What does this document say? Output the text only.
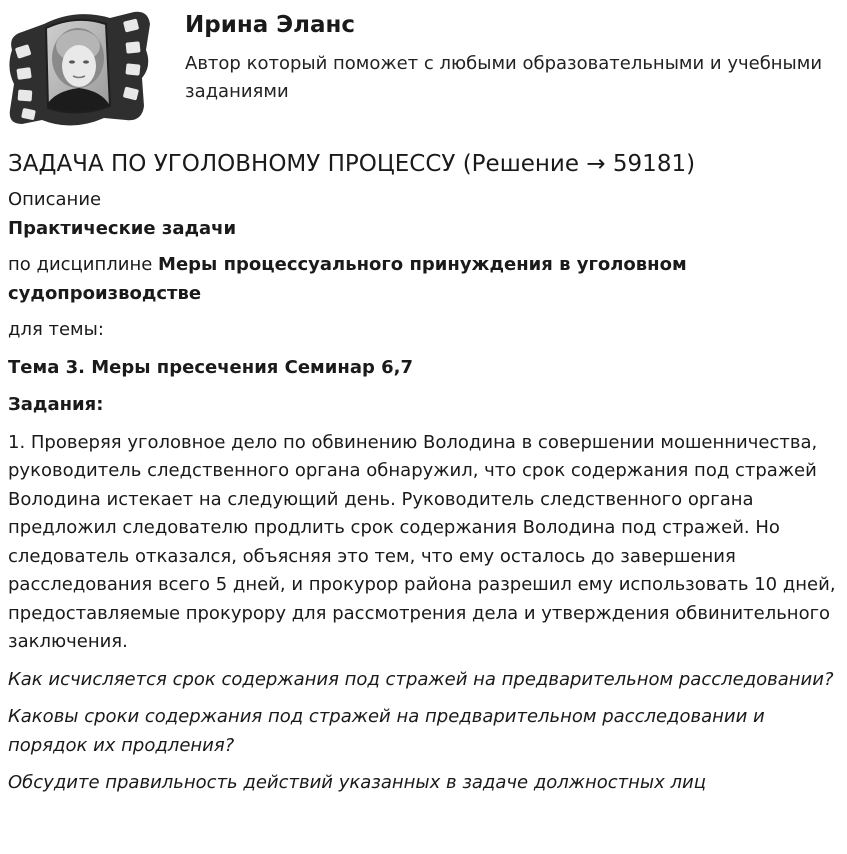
Ирина Эланс
Автор который поможет с любыми образовательными и учебными заданиями
ЗАДАЧА ПО УГОЛОВНОМУ ПРОЦЕССУ (Решение → 59181)

Описание

Практические задачи

по дисциплине Меры процессуального принуждения в уголовном судопроизводстве

для темы:

Тема 3. Меры пресечения Семинар 6,7

Задания:

1. Проверяя уголовное дело по обвинению Володина в совершении мошенничества, руководитель следственного органа обнаружил, что срок содержания под стражей Володина истекает на следующий день. Руководитель следственного органа предложил следователю продлить срок содержания Володина под стражей. Но следователь отказался, объясняя это тем, что ему осталось до завершения расследования всего 5 дней, и прокурор района разрешил ему использовать 10 дней, предоставляемые прокурору для рассмотрения дела и утверждения обвинительного заключения.

Как исчисляется срок содержания под стражей на предварительном расследовании?

Каковы сроки содержания под стражей на предварительном расследовании и порядок их продления?

Обсудите правильность действий указанных в задаче должностных лиц
